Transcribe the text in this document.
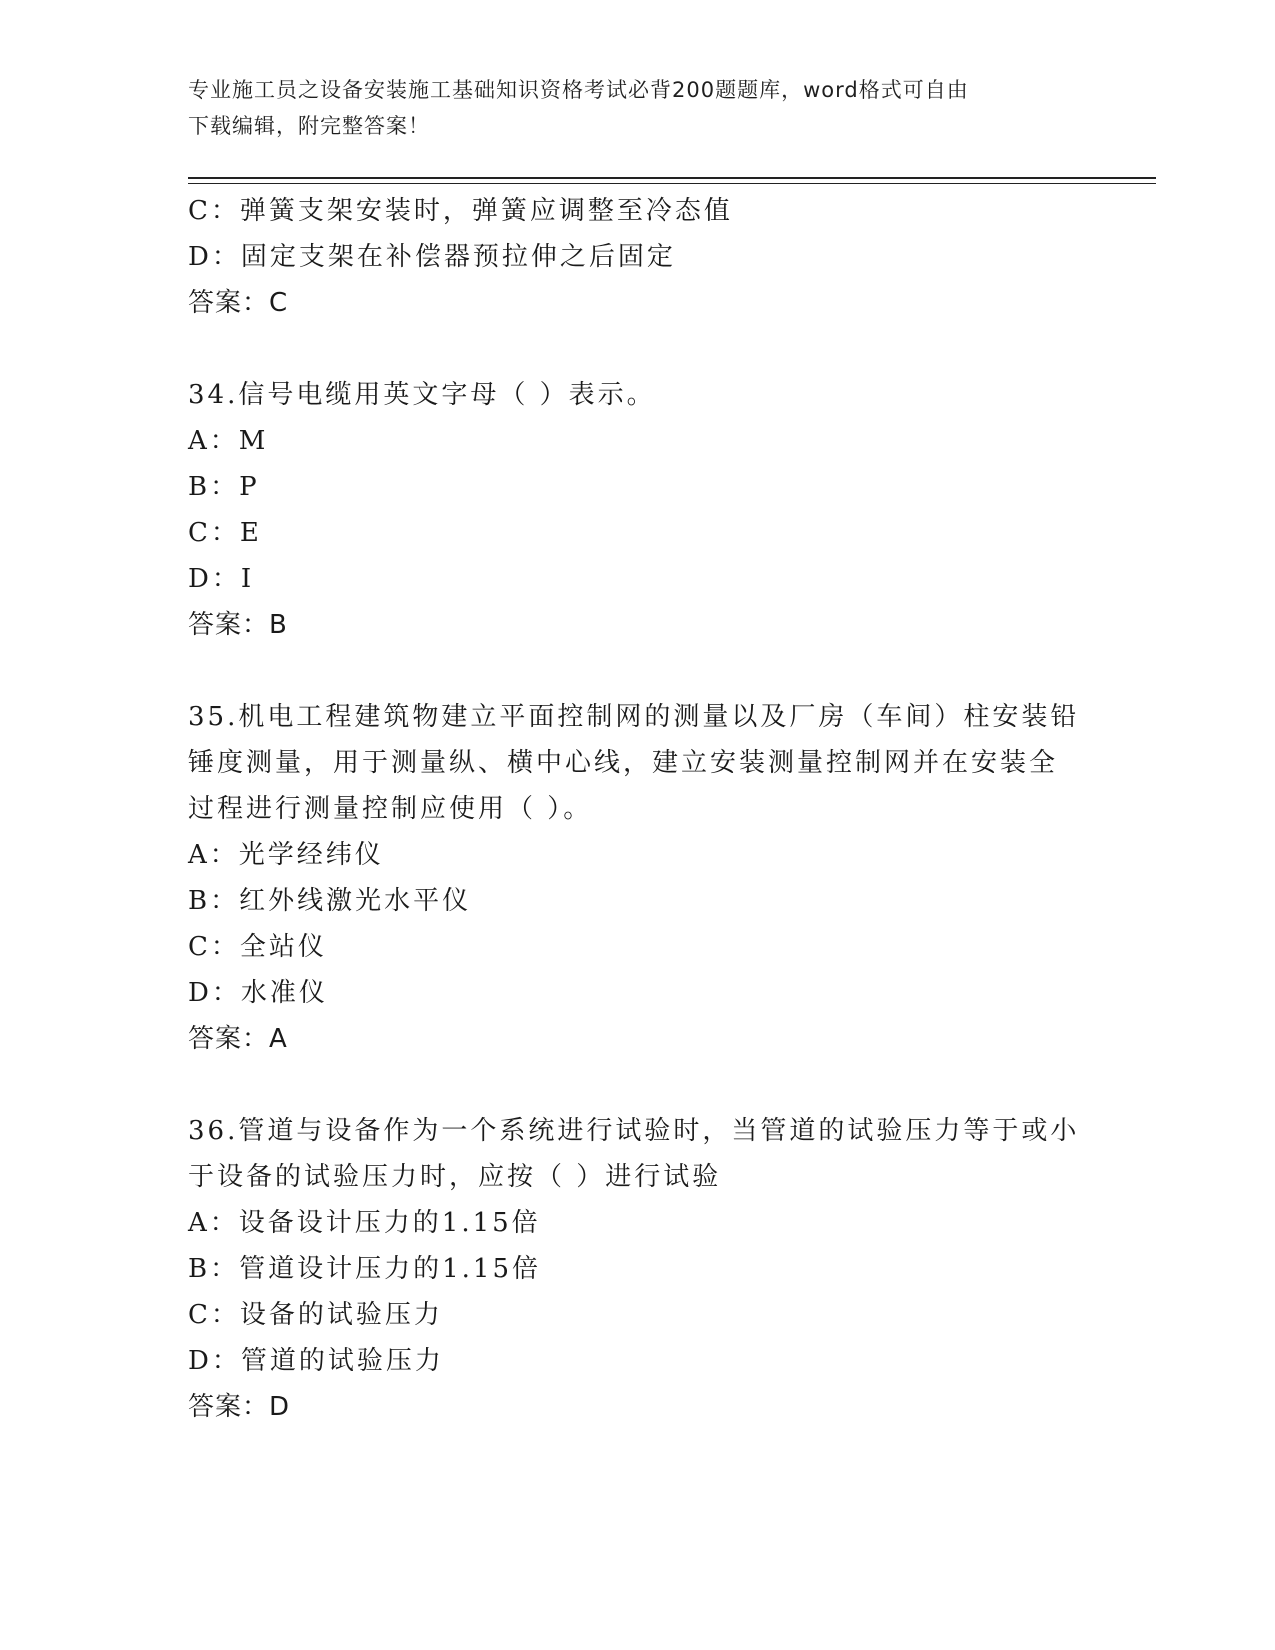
专业施工员之设备安装施工基础知识资格考试必背200题题库，word格式可自由
下载编辑，附完整答案！
C：弹簧支架安装时，弹簧应调整至冷态值
D：固定支架在补偿器预拉伸之后固定
答案：C
34.信号电缆用英文字母（ ）表示。
A：M
B：P
C：E
D：I
答案：B
35.机电工程建筑物建立平面控制网的测量以及厂房（车间）柱安装铅
锤度测量，用于测量纵、横中心线，建立安装测量控制网并在安装全
过程进行测量控制应使用（ ）。
A：光学经纬仪
B：红外线激光水平仪
C：全站仪
D：水准仪
答案：A
36.管道与设备作为一个系统进行试验时，当管道的试验压力等于或小
于设备的试验压力时，应按（ ）进行试验
A：设备设计压力的1.15倍
B：管道设计压力的1.15倍
C：设备的试验压力
D：管道的试验压力
答案：D
